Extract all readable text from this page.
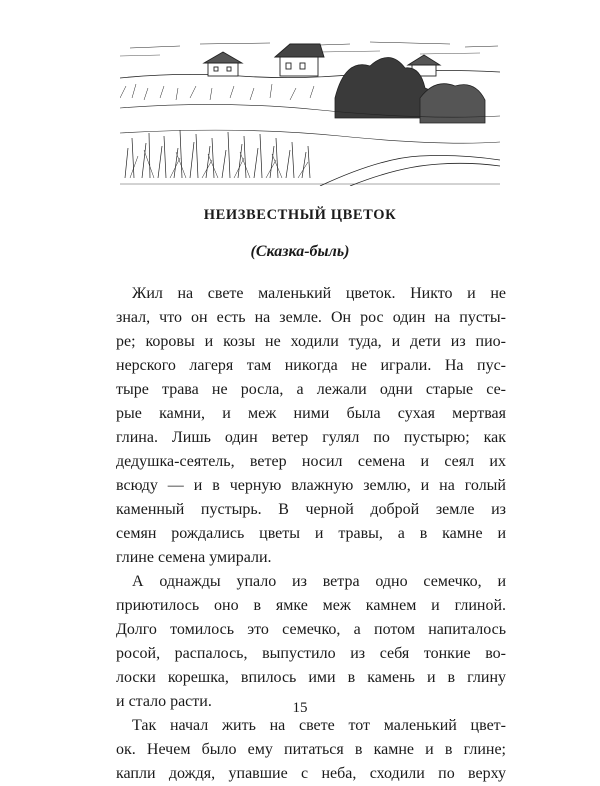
НЕИЗВЕСТНЫЙ ЦВЕТОК
(Сказка-быль)
Жил на свете маленький цветок. Никто и не
знал, что он есть на земле. Он рос один на пусты-
ре; коровы и козы не ходили туда, и дети из пио-
нерского лагеря там никогда не играли. На пус-
тыре трава не росла, а лежали одни старые се-
рые камни, и меж ними была сухая мертвая
глина. Лишь один ветер гулял по пустырю; как
дедушка-сеятель, ветер носил семена и сеял их
всюду — и в черную влажную землю, и на голый
каменный пустырь. В черной доброй земле из
семян рождались цветы и травы, а в камне и
глине семена умирали.
А однажды упало из ветра одно семечко, и
приютилось оно в ямке меж камнем и глиной.
Долго томилось это семечко, а потом напиталось
росой, распалось, выпустило из себя тонкие во-
лоски корешка, впилось ими в камень и в глину
и стало расти.
Так начал жить на свете тот маленький цвет-
ок. Нечем было ему питаться в камне и в глине;
капли дождя, упавшие с неба, сходили по верху
15
